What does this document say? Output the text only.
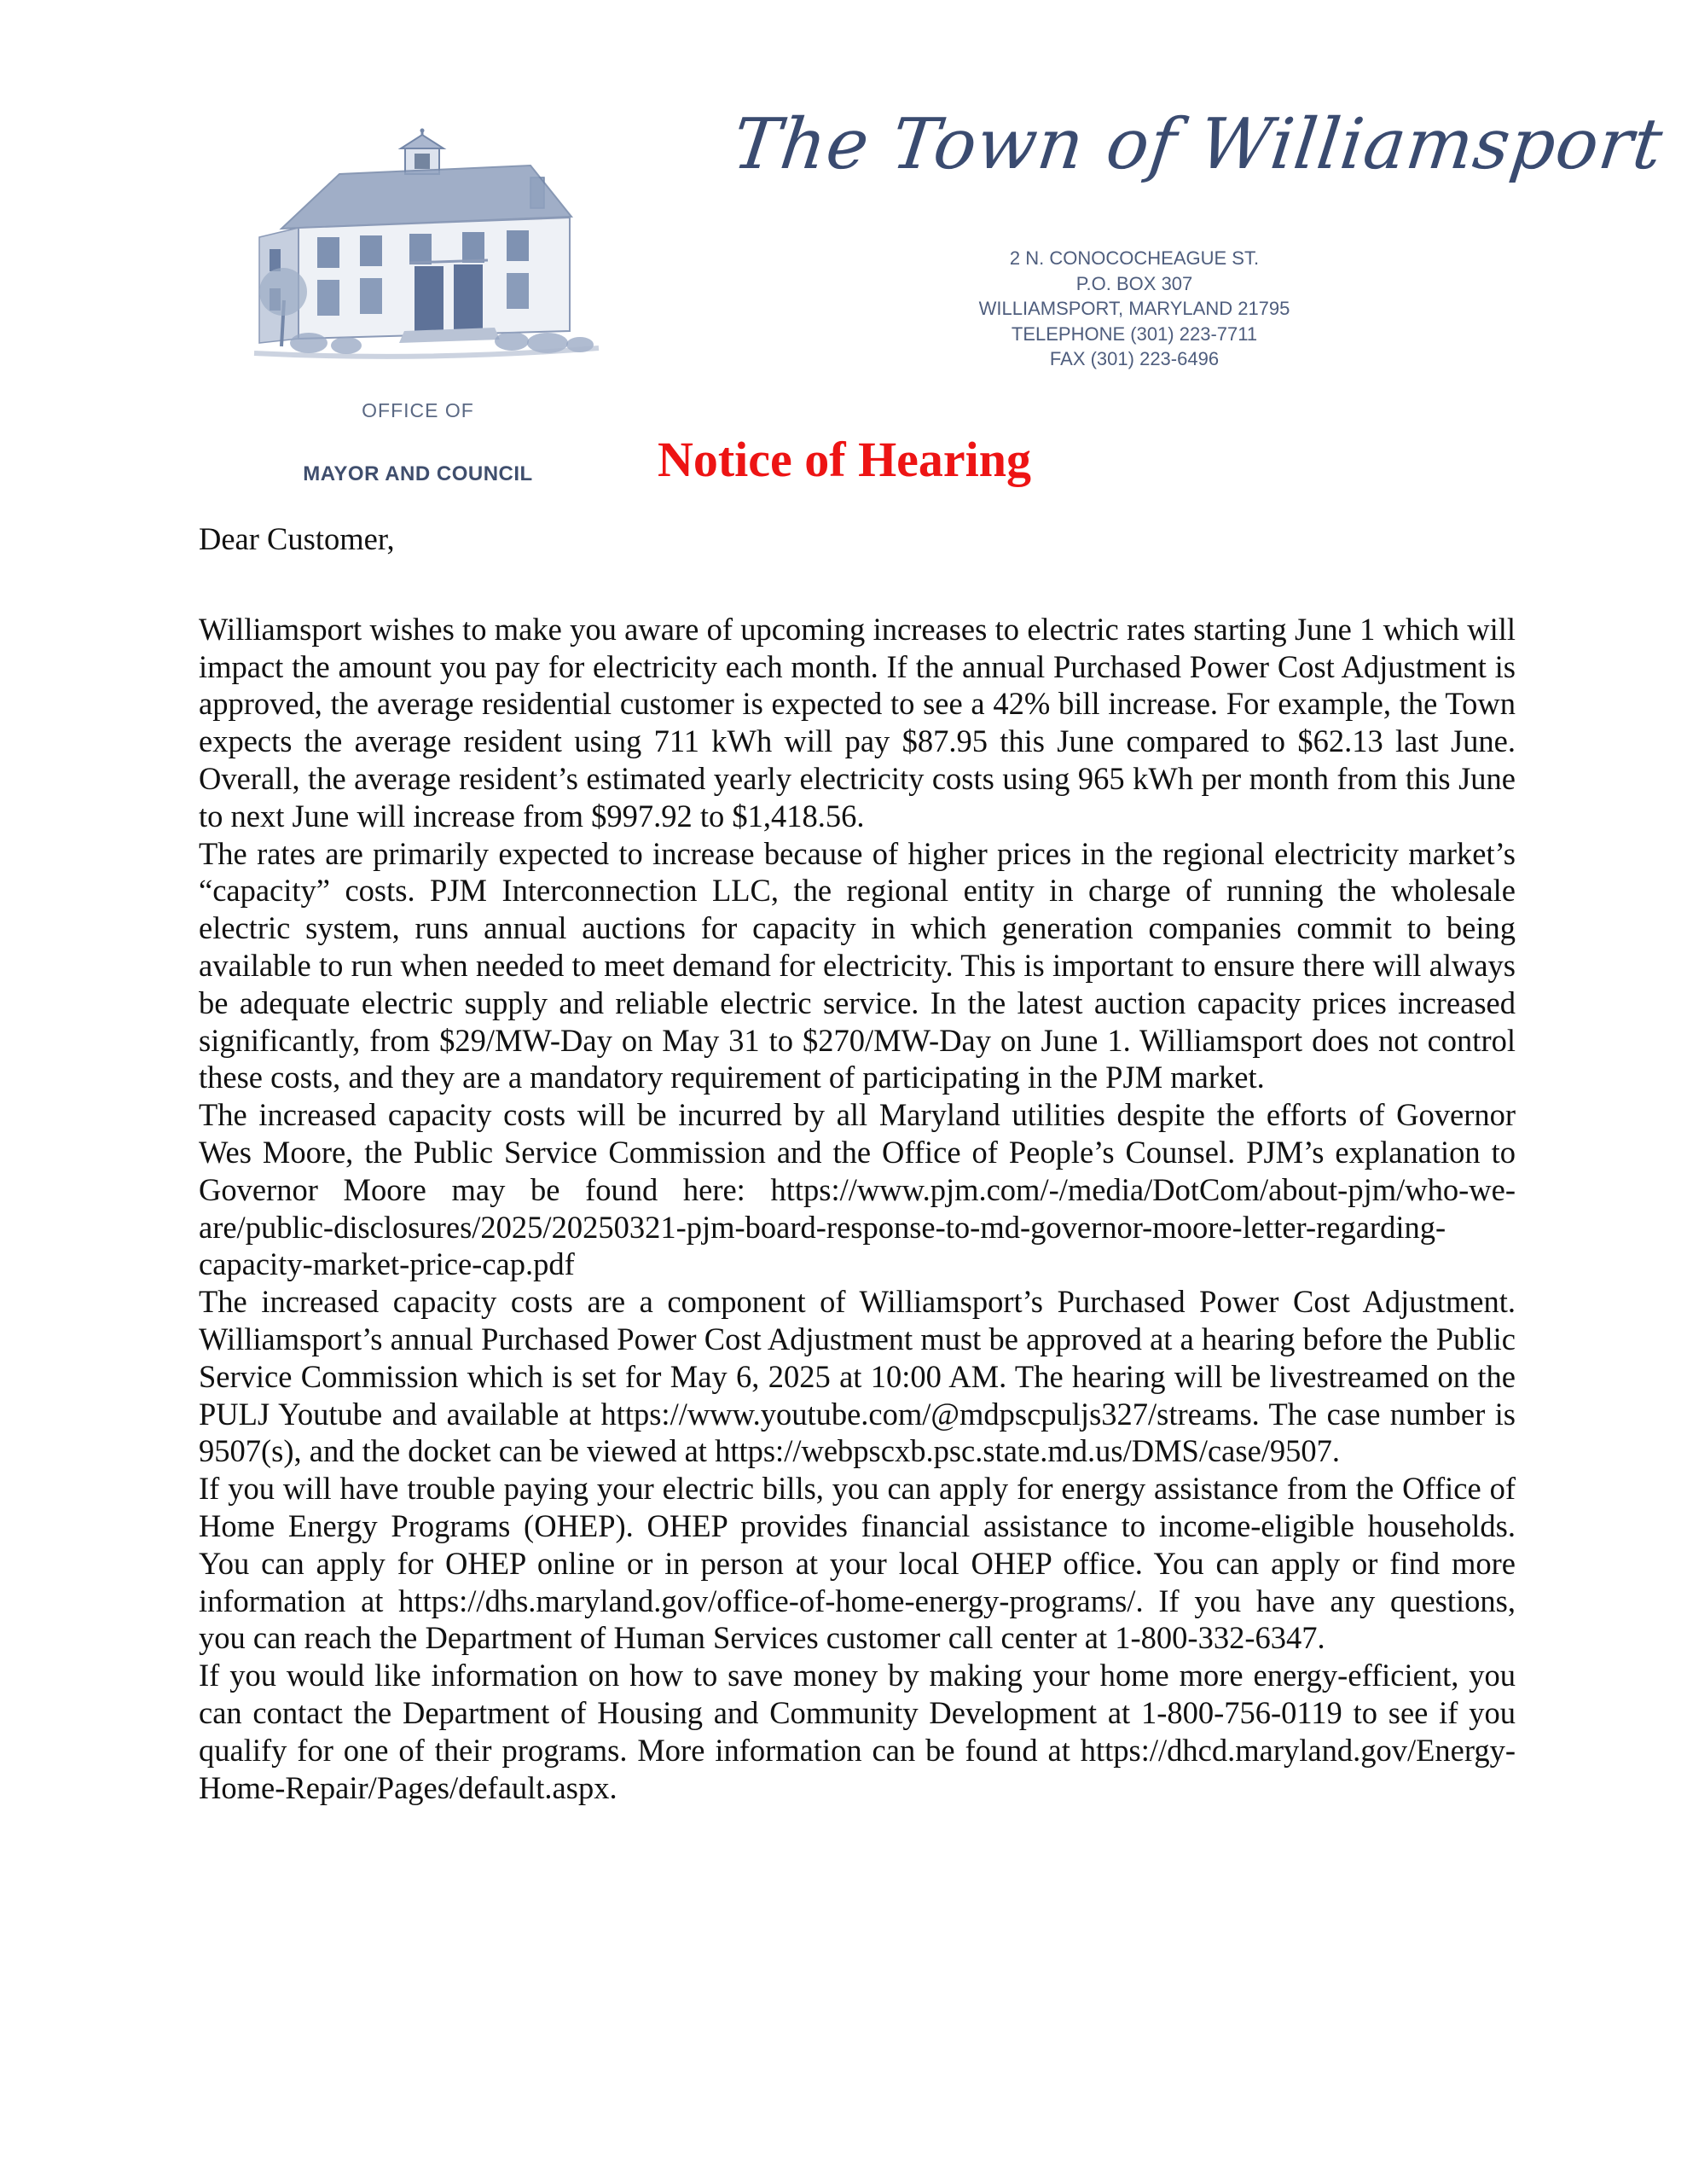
The Town of Williamsport
2 N. CONOCOCHEAGUE ST.
P.O. BOX 307
WILLIAMSPORT, MARYLAND 21795
TELEPHONE (301) 223-7711
FAX (301) 223-6496
OFFICE OF
MAYOR AND COUNCIL	Notice of Hearing

Dear Customer,

Williamsport wishes to make you aware of upcoming increases to electric rates starting June 1 which will impact the amount you pay for electricity each month. If the annual Purchased Power Cost Adjustment is approved, the average residential customer is expected to see a 42% bill increase. For example, the Town expects the average resident using 711 kWh will pay $87.95 this June compared to $62.13 last June. Overall, the average resident’s estimated yearly electricity costs using 965 kWh per month from this June to next June will increase from $997.92 to $1,418.56.

The rates are primarily expected to increase because of higher prices in the regional electricity market’s “capacity” costs. PJM Interconnection LLC, the regional entity in charge of running the wholesale electric system, runs annual auctions for capacity in which generation companies commit to being available to run when needed to meet demand for electricity. This is important to ensure there will always be adequate electric supply and reliable electric service. In the latest auction capacity prices increased significantly, from $29/MW-Day on May 31 to $270/MW-Day on June 1. Williamsport does not control these costs, and they are a mandatory requirement of participating in the PJM market.

The increased capacity costs will be incurred by all Maryland utilities despite the efforts of Governor Wes Moore, the Public Service Commission and the Office of People’s Counsel. PJM’s explanation to Governor Moore may be found here: https://www.pjm.com/-/media/DotCom/about-pjm/who-we-are/public-disclosures/2025/20250321-pjm-board-response-to-md-governor-moore-letter-regarding-capacity-market-price-cap.pdf

The increased capacity costs are a component of Williamsport’s Purchased Power Cost Adjustment. Williamsport’s annual Purchased Power Cost Adjustment must be approved at a hearing before the Public Service Commission which is set for May 6, 2025 at 10:00 AM. The hearing will be livestreamed on the PULJ Youtube and available at https://www.youtube.com/@mdpscpuljs327/streams. The case number is 9507(s), and the docket can be viewed at https://webpscxb.psc.state.md.us/DMS/case/9507.

If you will have trouble paying your electric bills, you can apply for energy assistance from the Office of Home Energy Programs (OHEP). OHEP provides financial assistance to income-eligible households. You can apply for OHEP online or in person at your local OHEP office. You can apply or find more information at https://dhs.maryland.gov/office-of-home-energy-programs/. If you have any questions, you can reach the Department of Human Services customer call center at 1-800-332-6347.

If you would like information on how to save money by making your home more energy-efficient, you can contact the Department of Housing and Community Development at 1-800-756-0119 to see if you qualify for one of their programs. More information can be found at https://dhcd.maryland.gov/Energy-Home-Repair/Pages/default.aspx.
